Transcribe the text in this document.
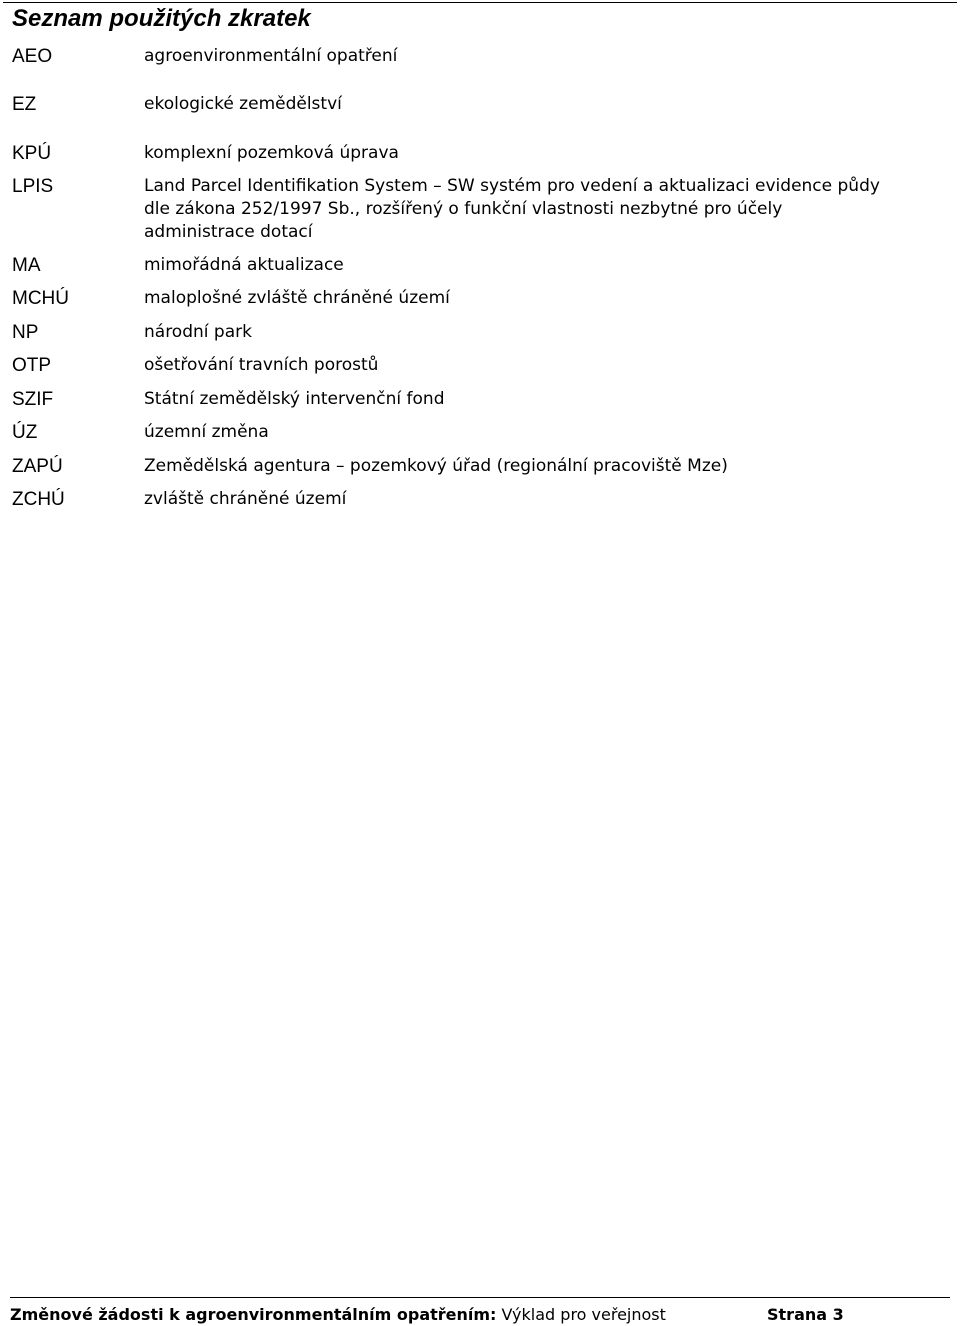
Seznam použitých zkratek
AEO	agroenvironmentální opatření
EZ	ekologické zemědělství
KPÚ	komplexní pozemková úprava
LPIS	Land Parcel Identifikation System – SW systém pro vedení a aktualizaci evidence půdy
dle zákona 252/1997 Sb., rozšířený o funkční vlastnosti nezbytné pro účely
administrace dotací
MA	mimořádná aktualizace
MCHÚ	maloplošné zvláště chráněné území
NP	národní park
OTP	ošetřování travních porostů
SZIF	Státní zemědělský intervenční fond
ÚZ	územní změna
ZAPÚ	Zemědělská agentura – pozemkový úřad (regionální pracoviště Mze)
ZCHÚ	zvláště chráněné území
Změnové žádosti k agroenvironmentálním opatřením: Výklad pro veřejnost	Strana 3
